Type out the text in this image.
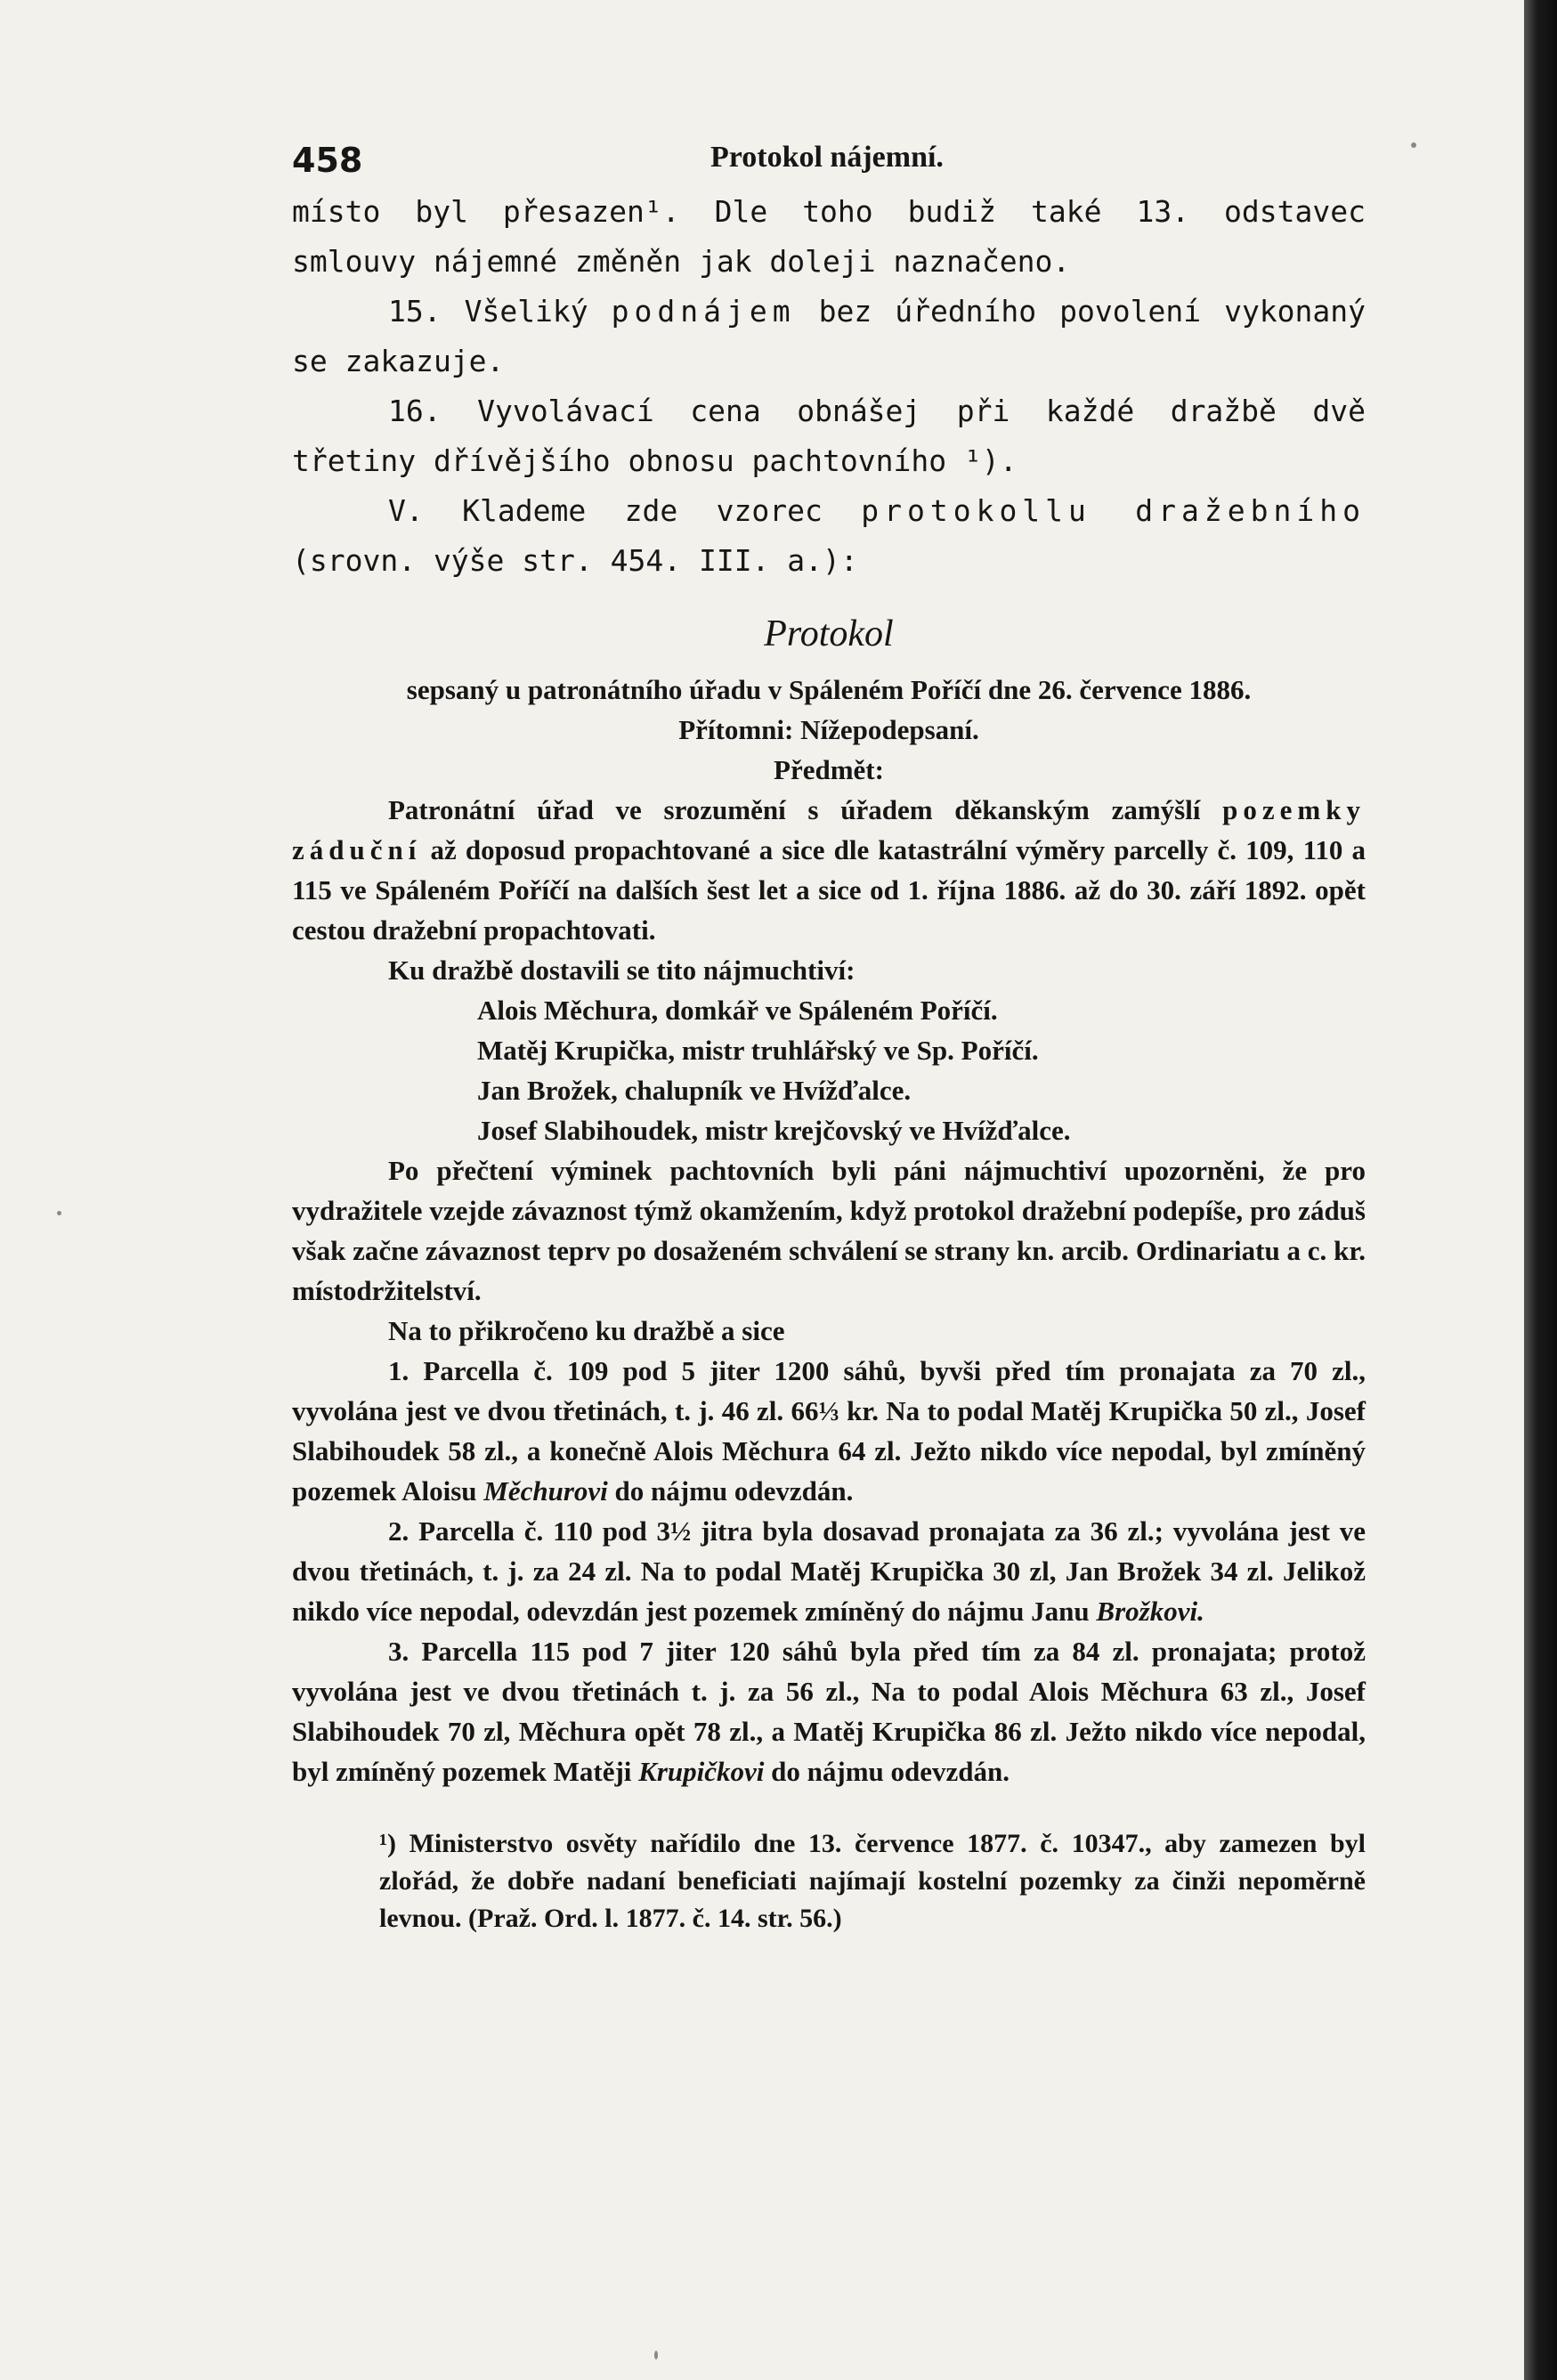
458	Protokol nájemní.

místo byl přesazen¹. Dle toho budiž také 13. odstavec smlouvy nájemné změněn jak doleji naznačeno.

15. Všeliký podnájem bez úředního povolení vykonaný se zakazuje.

16. Vyvolávací cena obnášej při každé dražbě dvě třetiny dřívějšího obnosu pachtovního ¹).

V. Klademe zde vzorec protokollu dražebního (srovn. výše str. 454. III. a.):

Protokol

sepsaný u patronátního úřadu v Spáleném Poříčí dne 26. července 1886.

Přítomni: Nížepodepsaní.

Předmět:

Patronátní úřad ve srozumění s úřadem děkanským zamýšlí pozemky záduční až doposud propachtované a sice dle katastrální výměry parcelly č. 109, 110 a 115 ve Spáleném Poříčí na dalších šest let a sice od 1. října 1886. až do 30. září 1892. opět cestou dražební propachtovati.

Ku dražbě dostavili se tito nájmuchtiví:

Alois Měchura, domkář ve Spáleném Poříčí.

Matěj Krupička, mistr truhlářský ve Sp. Poříčí.

Jan Brožek, chalupník ve Hvížďalce.

Josef Slabihoudek, mistr krejčovský ve Hvížďalce.

Po přečtení výminek pachtovních byli páni nájmuchtiví upozorněni, že pro vydražitele vzejde závaznost týmž okamžením, když protokol dražební podepíše, pro záduš však začne závaznost teprv po dosaženém schválení se strany kn. arcib. Ordinariatu a c. kr. místodržitelství.

Na to přikročeno ku dražbě a sice

1. Parcella č. 109 pod 5 jiter 1200 sáhů, byvši před tím pronajata za 70 zl., vyvolána jest ve dvou třetinách, t. j. 46 zl. 66⅓ kr. Na to podal Matěj Krupička 50 zl., Josef Slabihoudek 58 zl., a konečně Alois Měchura 64 zl. Ježto nikdo více nepodal, byl zmíněný pozemek Aloisu Měchurovi do nájmu odevzdán.

2. Parcella č. 110 pod 3½ jitra byla dosavad pronajata za 36 zl.; vyvolána jest ve dvou třetinách, t. j. za 24 zl. Na to podal Matěj Krupička 30 zl, Jan Brožek 34 zl. Jelikož nikdo více nepodal, odevzdán jest pozemek zmíněný do nájmu Janu Brožkovi.

3. Parcella 115 pod 7 jiter 120 sáhů byla před tím za 84 zl. pronajata; protož vyvolána jest ve dvou třetinách t. j. za 56 zl., Na to podal Alois Měchura 63 zl., Josef Slabihoudek 70 zl, Měchura opět 78 zl., a Matěj Krupička 86 zl. Ježto nikdo více nepodal, byl zmíněný pozemek Matěji Krupičkovi do nájmu odevzdán.

¹) Ministerstvo osvěty nařídilo dne 13. července 1877. č. 10347., aby zamezen byl zlořád, že dobře nadaní beneficiati najímají kostelní pozemky za činži nepoměrně levnou. (Praž. Ord. l. 1877. č. 14. str. 56.)
